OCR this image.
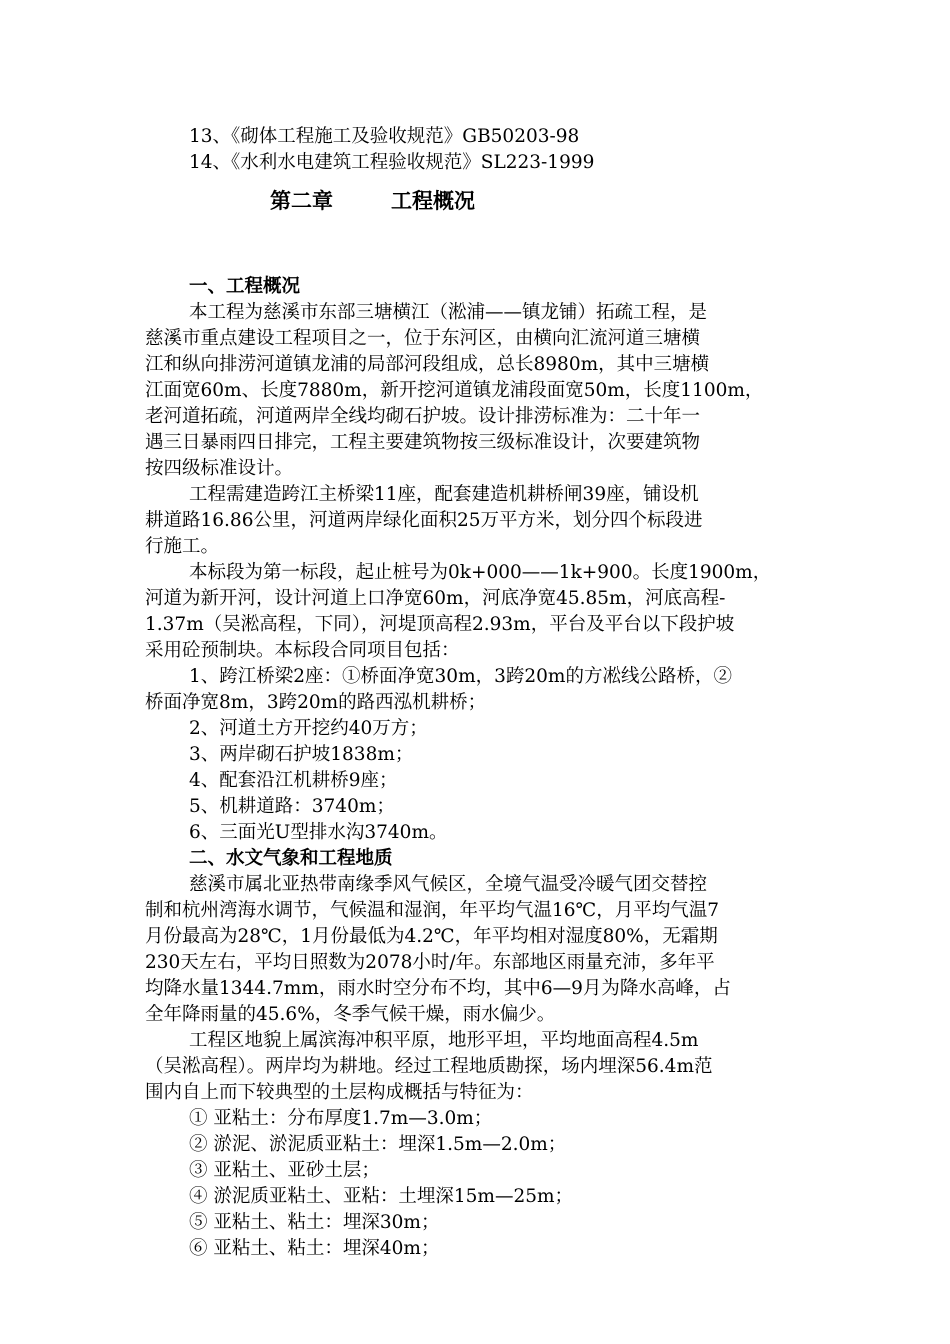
13、《砌体工程施工及验收规范》GB50203-98
14、《水利水电建筑工程验收规范》SL223-1999
第二章	工程概况
一、工程概况
本工程为慈溪市东部三塘横江（淞浦——镇龙铺）拓疏工程，是
慈溪市重点建设工程项目之一，位于东河区，由横向汇流河道三塘横
江和纵向排涝河道镇龙浦的局部河段组成，总长8980m，其中三塘横
江面宽60m、长度7880m，新开挖河道镇龙浦段面宽50m，长度1100m，
老河道拓疏，河道两岸全线均砌石护坡。设计排涝标准为：二十年一
遇三日暴雨四日排完，工程主要建筑物按三级标准设计，次要建筑物
按四级标准设计。
工程需建造跨江主桥梁11座，配套建造机耕桥闸39座，铺设机
耕道路16.86公里，河道两岸绿化面积25万平方米，划分四个标段进
行施工。
本标段为第一标段，起止桩号为0k+000——1k+900。长度1900m，
河道为新开河，设计河道上口净宽60m，河底净宽45.85m，河底高程-
1.37m（吴淞高程，下同），河堤顶高程2.93m，平台及平台以下段护坡
采用砼预制块。本标段合同项目包括：
1、跨江桥梁2座：①桥面净宽30m，3跨20m的方凇线公路桥，②
桥面净宽8m，3跨20m的路西泓机耕桥；
2、河道土方开挖约40万方；
3、两岸砌石护坡1838m；
4、配套沿江机耕桥9座；
5、机耕道路：3740m；
6、三面光U型排水沟3740m。
二、水文气象和工程地质
慈溪市属北亚热带南缘季风气候区，全境气温受冷暖气团交替控
制和杭州湾海水调节，气候温和湿润，年平均气温16℃，月平均气温7
月份最高为28℃，1月份最低为4.2℃，年平均相对湿度80%，无霜期
230天左右，平均日照数为2078小时/年。东部地区雨量充沛，多年平
均降水量1344.7mm，雨水时空分布不均，其中6—9月为降水高峰，占
全年降雨量的45.6%，冬季气候干燥，雨水偏少。
工程区地貌上属滨海冲积平原，地形平坦，平均地面高程4.5m
（吴淞高程）。两岸均为耕地。经过工程地质勘探，场内埋深56.4m范
围内自上而下较典型的土层构成概括与特征为：
① 亚粘土：分布厚度1.7m—3.0m；
② 淤泥、淤泥质亚粘土：埋深1.5m—2.0m；
③ 亚粘土、亚砂土层；
④ 淤泥质亚粘土、亚粘：土埋深15m—25m；
⑤ 亚粘土、粘土：埋深30m；
⑥ 亚粘土、粘土：埋深40m；
